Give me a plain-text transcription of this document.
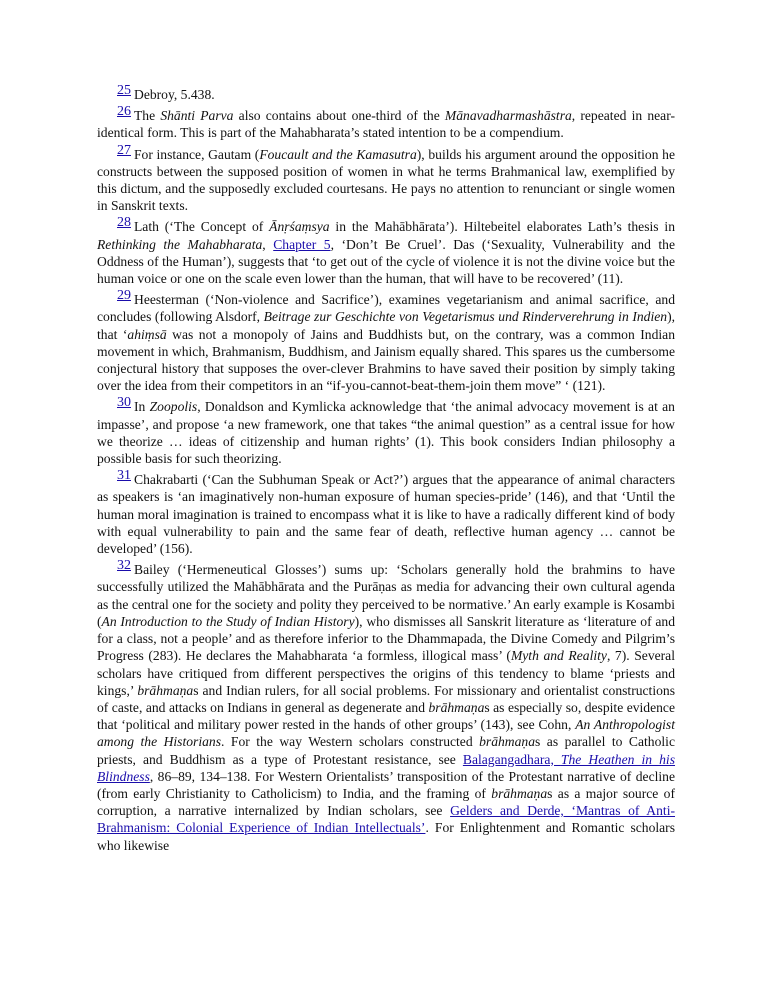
25 Debroy, 5.438.

26 The Shānti Parva also contains about one-third of the Mānavadharmashāstra, repeated in near-identical form. This is part of the Mahabharata’s stated intention to be a compendium.

27 For instance, Gautam (Foucault and the Kamasutra), builds his argument around the opposition he constructs between the supposed position of women in what he terms Brahmanical law, exemplified by this dictum, and the supposedly excluded courtesans. He pays no attention to renunciant or single women in Sanskrit texts.

28 Lath (‘The Concept of Ānṛśaṃsya in the Mahābhārata’). Hiltebeitel elaborates Lath’s thesis in Rethinking the Mahabharata, Chapter 5, ‘Don’t Be Cruel’. Das (‘Sexuality, Vulnerability and the Oddness of the Human’), suggests that ‘to get out of the cycle of violence it is not the divine voice but the human voice or one on the scale even lower than the human, that will have to be recovered’ (11).

29 Heesterman (‘Non-violence and Sacrifice’), examines vegetarianism and animal sacrifice, and concludes (following Alsdorf, Beitrage zur Geschichte von Vegetarismus und Rinderverehrung in Indien), that ‘ahiṃsā was not a monopoly of Jains and Buddhists but, on the contrary, was a common Indian movement in which, Brahmanism, Buddhism, and Jainism equally shared. This spares us the cumbersome conjectural history that supposes the over-clever Brahmins to have saved their position by simply taking over the idea from their competitors in an “if-you-cannot-beat-them-join them move” ‘ (121).

30 In Zoopolis, Donaldson and Kymlicka acknowledge that ‘the animal advocacy movement is at an impasse’, and propose ‘a new framework, one that takes “the animal question” as a central issue for how we theorize … ideas of citizenship and human rights’ (1). This book considers Indian philosophy a possible basis for such theorizing.

31 Chakrabarti (‘Can the Subhuman Speak or Act?’) argues that the appearance of animal characters as speakers is ‘an imaginatively non-human exposure of human species-pride’ (146), and that ‘Until the human moral imagination is trained to encompass what it is like to have a radically different kind of body with equal vulnerability to pain and the same fear of death, reflective human agency … cannot be developed’ (156).

32 Bailey (‘Hermeneutical Glosses’) sums up: ‘Scholars generally hold the brahmins to have successfully utilized the Mahābhārata and the Purāṇas as media for advancing their own cultural agenda as the central one for the society and polity they perceived to be normative.’ An early example is Kosambi (An Introduction to the Study of Indian History), who dismisses all Sanskrit literature as ‘literature of and for a class, not a people’ and as therefore inferior to the Dhammapada, the Divine Comedy and Pilgrim’s Progress (283). He declares the Mahabharata ‘a formless, illogical mass’ (Myth and Reality, 7). Several scholars have critiqued from different perspectives the origins of this tendency to blame ‘priests and kings,’ brāhmaṇas and Indian rulers, for all social problems. For missionary and orientalist constructions of caste, and attacks on Indians in general as degenerate and brāhmaṇas as especially so, despite evidence that ‘political and military power rested in the hands of other groups’ (143), see Cohn, An Anthropologist among the Historians. For the way Western scholars constructed brāhmaṇas as parallel to Catholic priests, and Buddhism as a type of Protestant resistance, see Balagangadhara, The Heathen in his Blindness, 86–89, 134–138. For Western Orientalists’ transposition of the Protestant narrative of decline (from early Christianity to Catholicism) to India, and the framing of brāhmaṇas as a major source of corruption, a narrative internalized by Indian scholars, see Gelders and Derde, ‘Mantras of Anti-Brahmanism: Colonial Experience of Indian Intellectuals’. For Enlightenment and Romantic scholars who likewise
